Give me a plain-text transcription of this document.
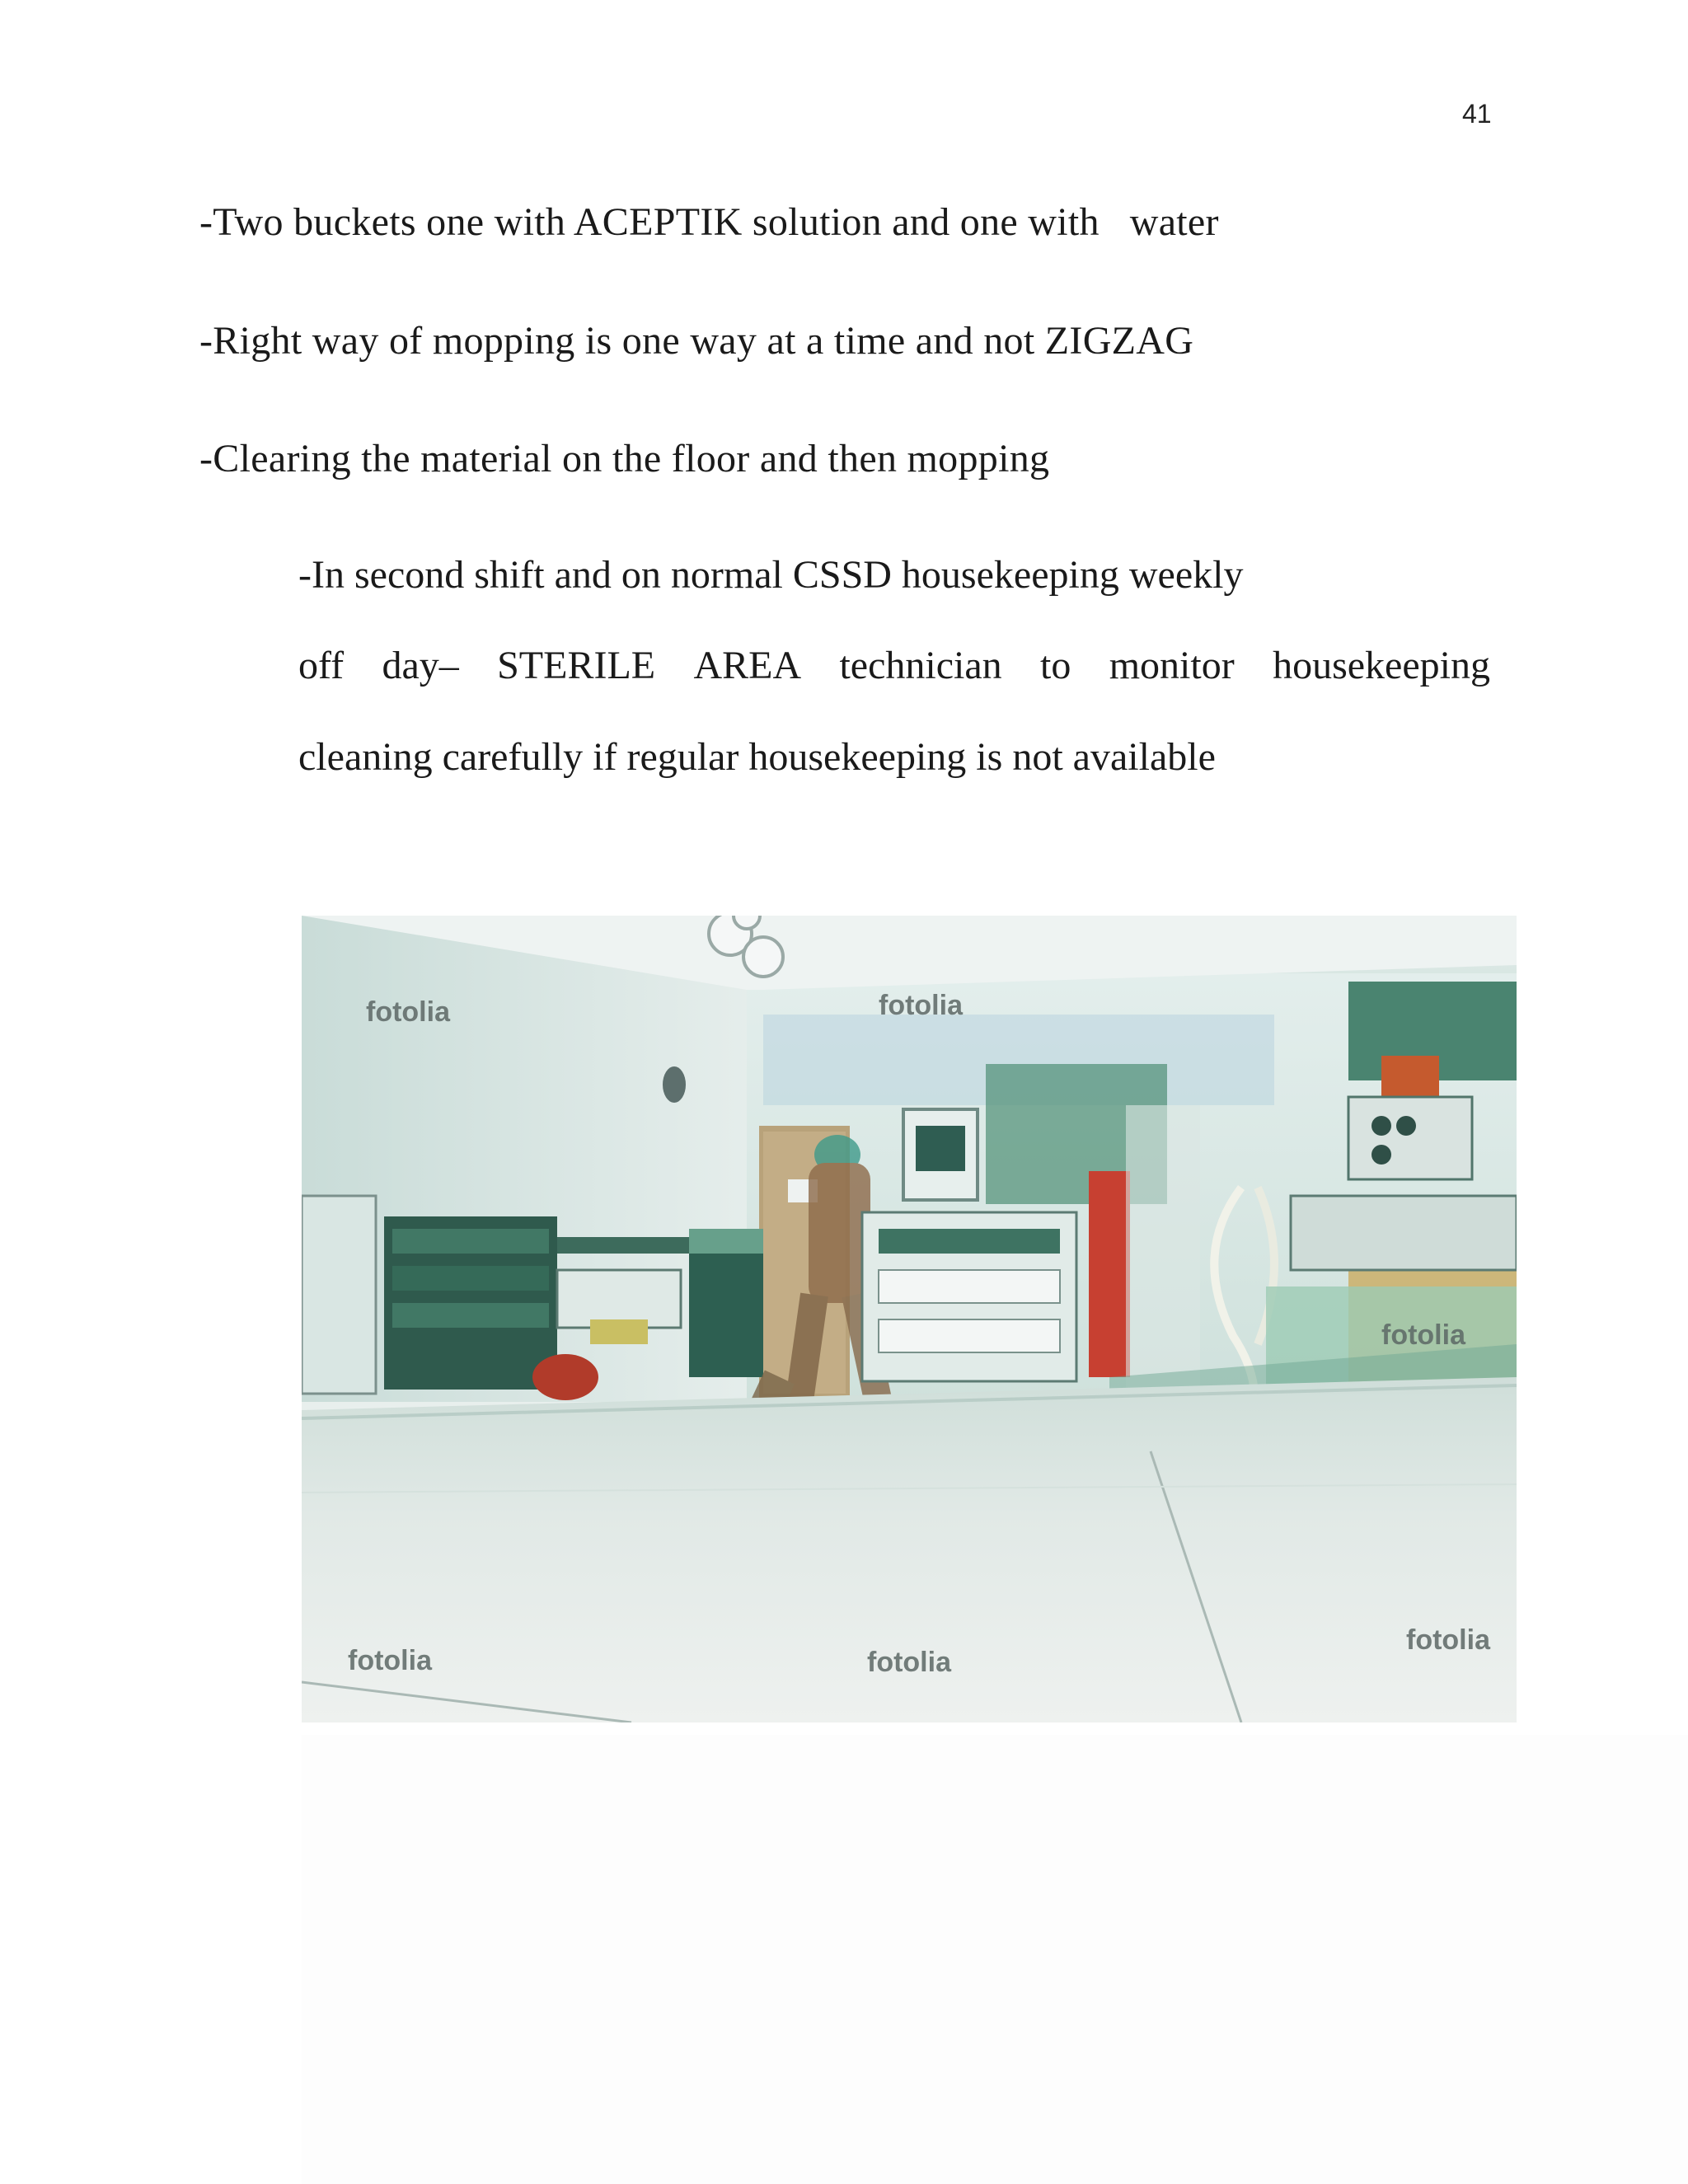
41
-Two buckets one with ACEPTIK solution and one with   water
-Right way of mopping is one way at a time and not ZIGZAG
-Clearing the material on the floor and then mopping
-In second shift and on normal CSSD housekeeping weekly
off day– STERILE AREA technician to monitor housekeeping
cleaning carefully if regular housekeeping is not available
fotolia	fotolia
fotolia
fotolia	fotolia
fotolia
